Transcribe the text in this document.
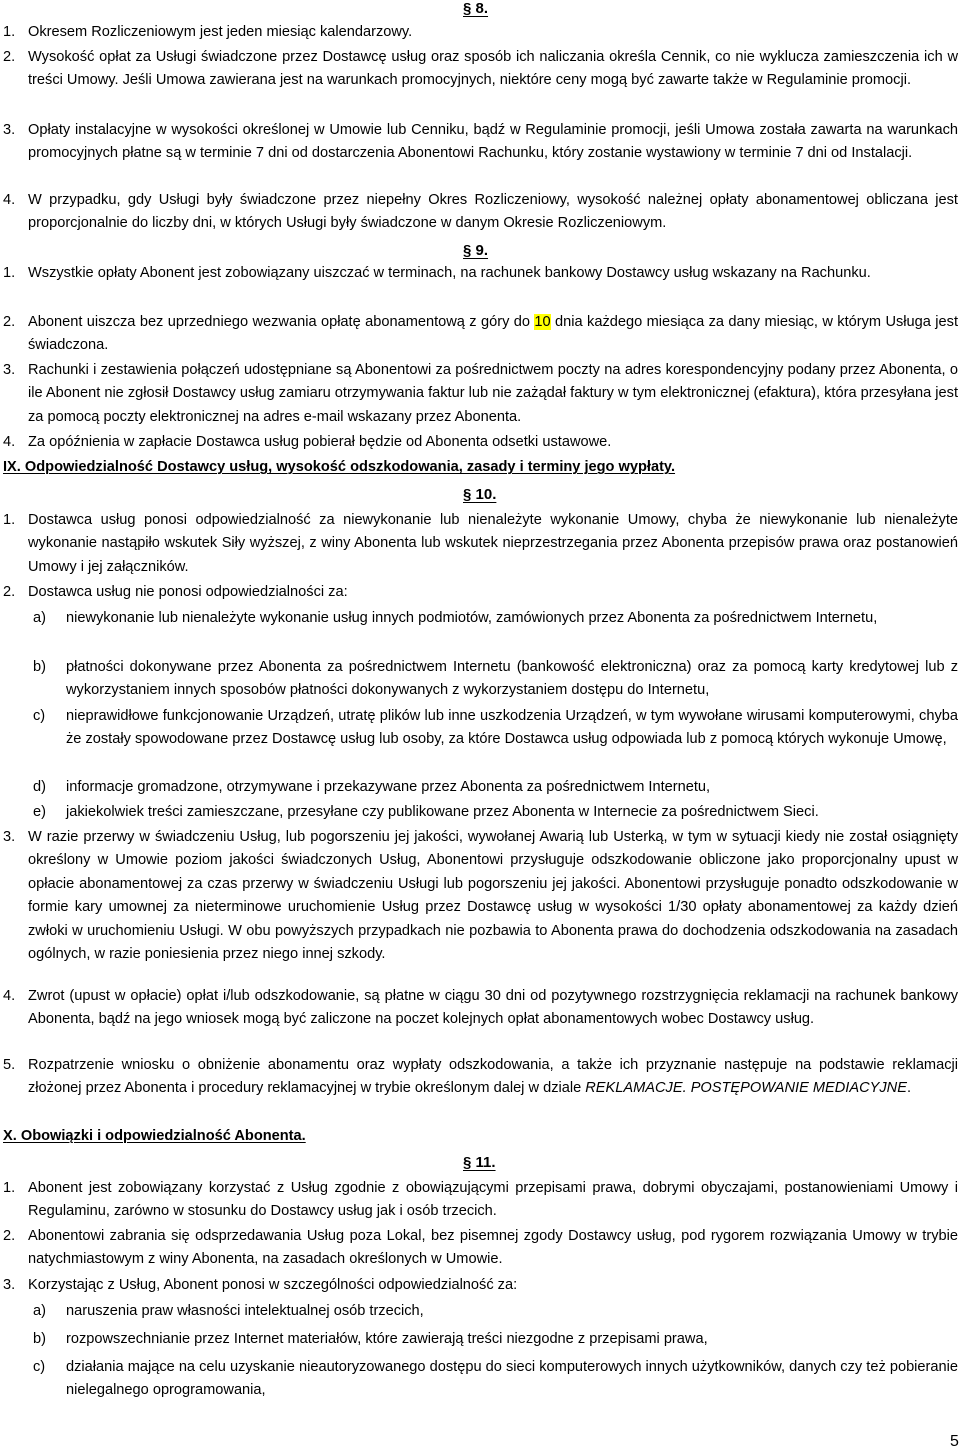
§ 8.
1. Okresem Rozliczeniowym jest jeden miesiąc kalendarzowy.
2. Wysokość opłat za Usługi świadczone przez Dostawcę usług oraz sposób ich naliczania określa Cennik, co nie wyklucza zamieszczenia ich w treści Umowy. Jeśli Umowa zawierana jest na warunkach promocyjnych, niektóre ceny mogą być zawarte także w Regulaminie promocji.
3. Opłaty instalacyjne w wysokości określonej w Umowie lub Cenniku, bądź w Regulaminie promocji, jeśli Umowa została zawarta na warunkach promocyjnych płatne są w terminie 7 dni od dostarczenia Abonentowi Rachunku, który zostanie wystawiony w terminie 7 dni od Instalacji.
4. W przypadku, gdy Usługi były świadczone przez niepełny Okres Rozliczeniowy, wysokość należnej opłaty abonamentowej obliczana jest proporcjonalnie do liczby dni, w których Usługi były świadczone w danym Okresie Rozliczeniowym.
§ 9.
1. Wszystkie opłaty Abonent jest zobowiązany uiszczać w terminach, na rachunek bankowy Dostawcy usług wskazany na Rachunku.
2. Abonent uiszcza bez uprzedniego wezwania opłatę abonamentową z góry do 10 dnia każdego miesiąca za dany miesiąc, w którym Usługa jest świadczona.
3. Rachunki i zestawienia połączeń udostępniane są Abonentowi za pośrednictwem poczty na adres korespondencyjny podany przez Abonenta, o ile Abonent nie zgłosił Dostawcy usług zamiaru otrzymywania faktur lub nie zażądał faktury w tym elektronicznej (efaktura), która przesyłana jest za pomocą poczty elektronicznej na adres e-mail wskazany przez Abonenta.
4. Za opóźnienia w zapłacie Dostawca usług pobierał będzie od Abonenta odsetki ustawowe.
IX. Odpowiedzialność Dostawcy usług, wysokość odszkodowania, zasady i terminy jego wypłaty.
§ 10.
1. Dostawca usług ponosi odpowiedzialność za niewykonanie lub nienależyte wykonanie Umowy, chyba że niewykonanie lub nienależyte wykonanie nastąpiło wskutek Siły wyższej, z winy Abonenta lub wskutek nieprzestrzegania przez Abonenta przepisów prawa oraz postanowień Umowy i jej załączników.
2. Dostawca usług nie ponosi odpowiedzialności za:
a) niewykonanie lub nienależyte wykonanie usług innych podmiotów, zamówionych przez Abonenta za pośrednictwem Internetu,
b) płatności dokonywane przez Abonenta za pośrednictwem Internetu (bankowość elektroniczna) oraz za pomocą karty kredytowej lub z wykorzystaniem innych sposobów płatności dokonywanych z wykorzystaniem dostępu do Internetu,
c) nieprawidłowe funkcjonowanie Urządzeń, utratę plików lub inne uszkodzenia Urządzeń, w tym wywołane wirusami komputerowymi, chyba że zostały spowodowane przez Dostawcę usług lub osoby, za które Dostawca usług odpowiada lub z pomocą których wykonuje Umowę,
d) informacje gromadzone, otrzymywane i przekazywane przez Abonenta za pośrednictwem Internetu,
e) jakiekolwiek treści zamieszczane, przesyłane czy publikowane przez Abonenta w Internecie za pośrednictwem Sieci.
3. W razie przerwy w świadczeniu Usług, lub pogorszeniu jej jakości, wywołanej Awarią lub Usterką, w tym w sytuacji kiedy nie został osiągnięty określony w Umowie poziom jakości świadczonych Usług, Abonentowi przysługuje odszkodowanie obliczone jako proporcjonalny upust w opłacie abonamentowej za czas przerwy w świadczeniu Usługi lub pogorszeniu jej jakości. Abonentowi przysługuje ponadto odszkodowanie w formie kary umownej za nieterminowe uruchomienie Usług przez Dostawcę usług w wysokości 1/30 opłaty abonamentowej za każdy dzień zwłoki w uruchomieniu Usługi. W obu powyższych przypadkach nie pozbawia to Abonenta prawa do dochodzenia odszkodowania na zasadach ogólnych, w razie poniesienia przez niego innej szkody.
4. Zwrot (upust w opłacie) opłat i/lub odszkodowanie, są płatne w ciągu 30 dni od pozytywnego rozstrzygnięcia reklamacji na rachunek bankowy Abonenta, bądź na jego wniosek mogą być zaliczone na poczet kolejnych opłat abonamentowych wobec Dostawcy usług.
5. Rozpatrzenie wniosku o obniżenie abonamentu oraz wypłaty odszkodowania, a także ich przyznanie następuje na podstawie reklamacji złożonej przez Abonenta i procedury reklamacyjnej w trybie określonym dalej w dziale REKLAMACJE. POSTĘPOWANIE MEDIACYJNE.
X. Obowiązki i odpowiedzialność Abonenta.
§ 11.
1. Abonent jest zobowiązany korzystać z Usług zgodnie z obowiązującymi przepisami prawa, dobrymi obyczajami, postanowieniami Umowy i Regulaminu, zarówno w stosunku do Dostawcy usług jak i osób trzecich.
2. Abonentowi zabrania się odsprzedawania Usług poza Lokal, bez pisemnej zgody Dostawcy usług, pod rygorem rozwiązania Umowy w trybie natychmiastowym z winy Abonenta, na zasadach określonych w Umowie.
3. Korzystając z Usług, Abonent ponosi w szczególności odpowiedzialność za:
a) naruszenia praw własności intelektualnej osób trzecich,
b) rozpowszechnianie przez Internet materiałów, które zawierają treści niezgodne z przepisami prawa,
c) działania mające na celu uzyskanie nieautoryzowanego dostępu do sieci komputerowych innych użytkowników, danych czy też pobieranie nielegalnego oprogramowania,
5
